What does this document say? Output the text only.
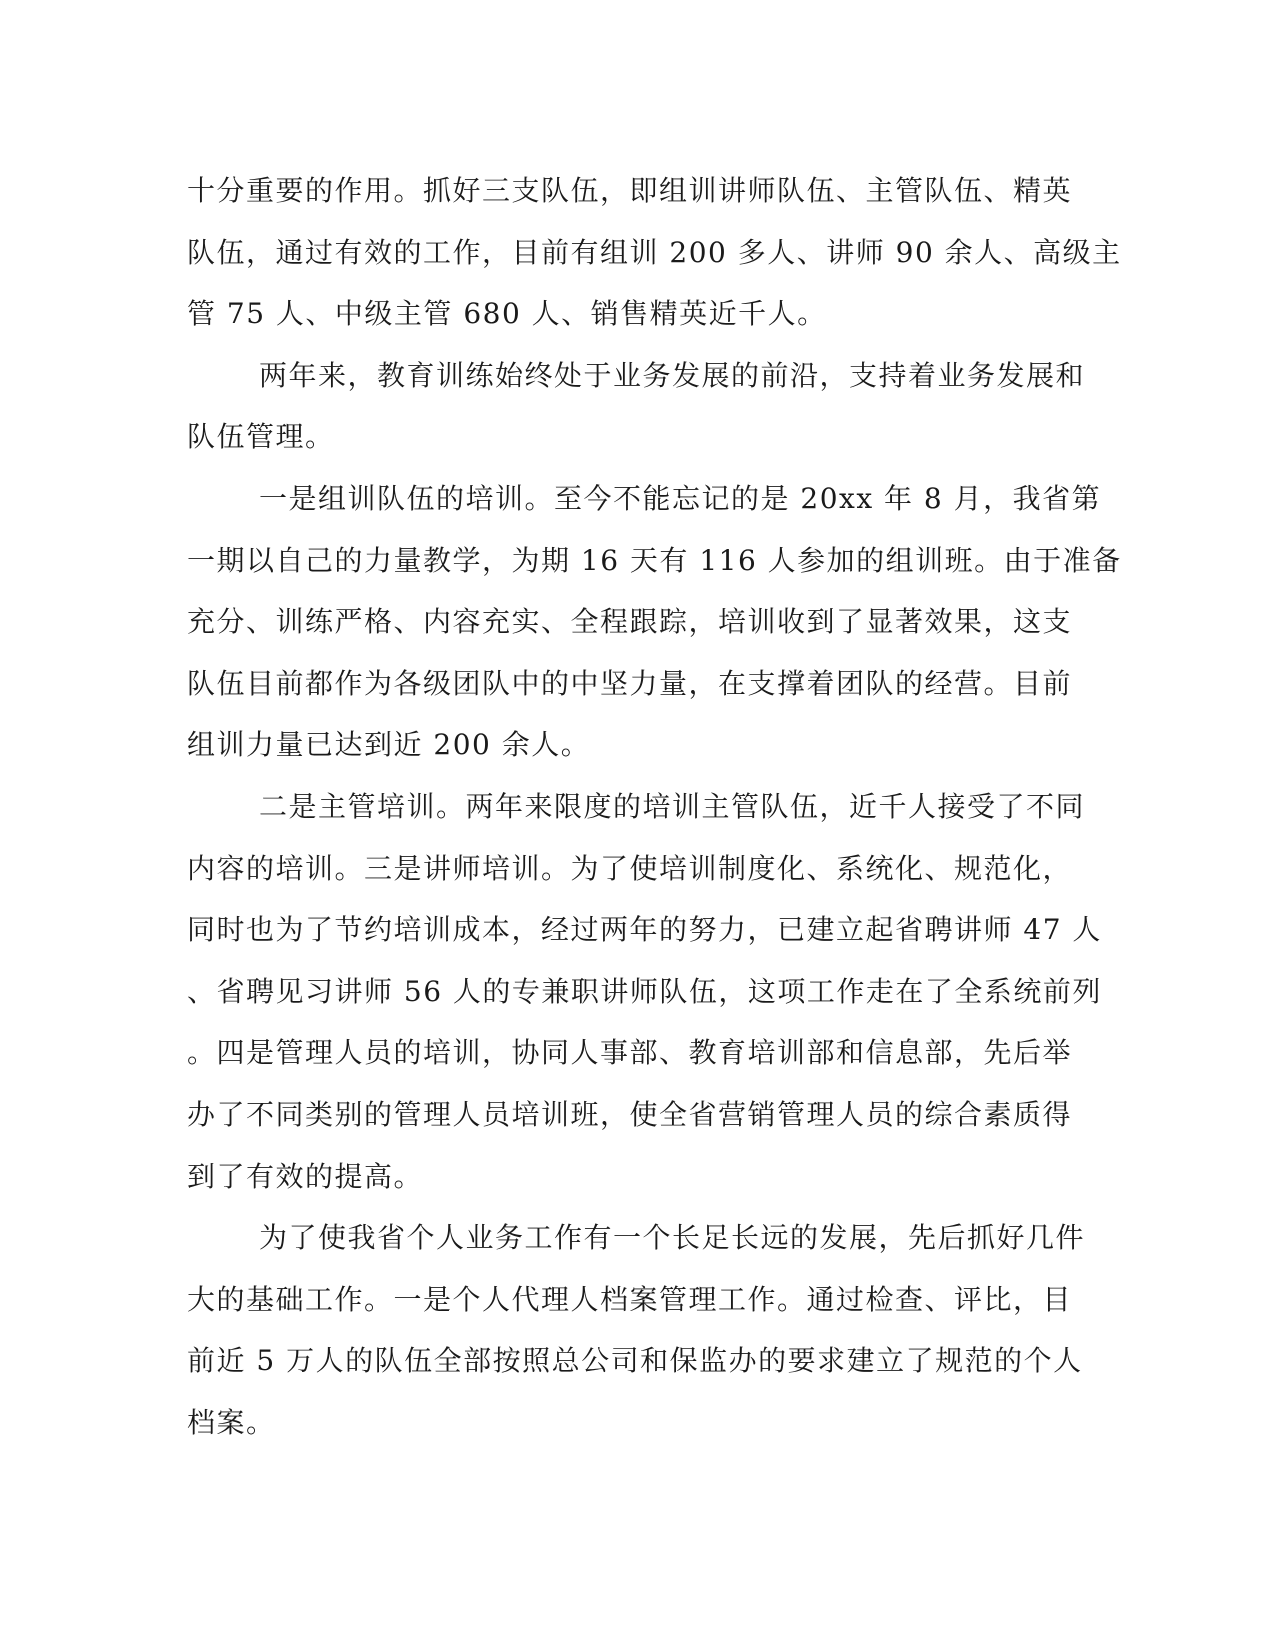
十分重要的作用。抓好三支队伍，即组训讲师队伍、主管队伍、精英
队伍，通过有效的工作，目前有组训 200 多人、讲师 90 余人、高级主
管 75 人、中级主管 680 人、销售精英近千人。
两年来，教育训练始终处于业务发展的前沿，支持着业务发展和
队伍管理。
一是组训队伍的培训。至今不能忘记的是 20xx 年 8 月，我省第
一期以自己的力量教学，为期 16 天有 116 人参加的组训班。由于准备
充分、训练严格、内容充实、全程跟踪，培训收到了显著效果，这支
队伍目前都作为各级团队中的中坚力量，在支撑着团队的经营。目前
组训力量已达到近 200 余人。
二是主管培训。两年来限度的培训主管队伍，近千人接受了不同
内容的培训。三是讲师培训。为了使培训制度化、系统化、规范化，
同时也为了节约培训成本，经过两年的努力，已建立起省聘讲师 47 人
、省聘见习讲师 56 人的专兼职讲师队伍，这项工作走在了全系统前列
。四是管理人员的培训，协同人事部、教育培训部和信息部，先后举
办了不同类别的管理人员培训班，使全省营销管理人员的综合素质得
到了有效的提高。
为了使我省个人业务工作有一个长足长远的发展，先后抓好几件
大的基础工作。一是个人代理人档案管理工作。通过检查、评比，目
前近 5 万人的队伍全部按照总公司和保监办的要求建立了规范的个人
档案。
